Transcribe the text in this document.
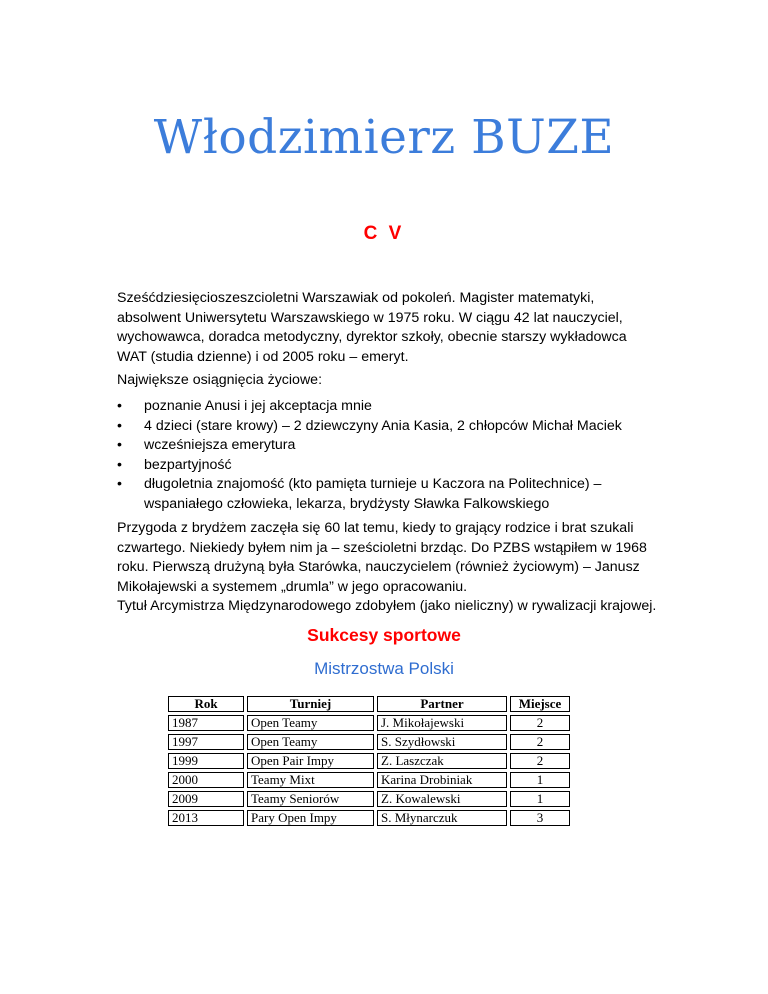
Włodzimierz BUZE
C V
Sześćdziesięcioszeszcioletni Warszawiak od pokoleń. Magister matematyki, absolwent Uniwersytetu Warszawskiego w 1975 roku. W ciągu 42 lat nauczyciel, wychowawca, doradca metodyczny, dyrektor szkoły, obecnie starszy wykładowca WAT (studia dzienne) i od 2005 roku – emeryt.
Największe osiągnięcia życiowe:
• poznanie Anusi i jej akceptacja mnie
• 4 dzieci (stare krowy) – 2 dziewczyny Ania Kasia, 2 chłopców Michał Maciek
• wcześniejsza emerytura
• bezpartyjność
• długoletnia znajomość (kto pamięta turnieje u Kaczora na Politechnice) – wspaniałego człowieka, lekarza, brydżysty Sławka Falkowskiego
Przygoda z brydżem zaczęła się 60 lat temu, kiedy to grający rodzice i brat szukali czwartego. Niekiedy byłem nim ja – sześcioletni brzdąc. Do PZBS wstąpiłem w 1968 roku. Pierwszą drużyną była Starówka, nauczycielem (również życiowym) – Janusz Mikołajewski a systemem „drumla” w jego opracowaniu.
Tytuł Arcymistrza Międzynarodowego zdobyłem (jako nieliczny) w rywalizacji krajowej.
Sukcesy sportowe
Mistrzostwa Polski
Rok	Turniej	Partner	Miejsce
1987	Open Teamy	J. Mikołajewski	2
1997	Open Teamy	S. Szydłowski	2
1999	Open Pair Impy	Z. Laszczak	2
2000	Teamy Mixt	Karina Drobiniak	1
2009	Teamy Seniorów	Z. Kowalewski	1
2013	Pary Open Impy	S. Młynarczuk	3
